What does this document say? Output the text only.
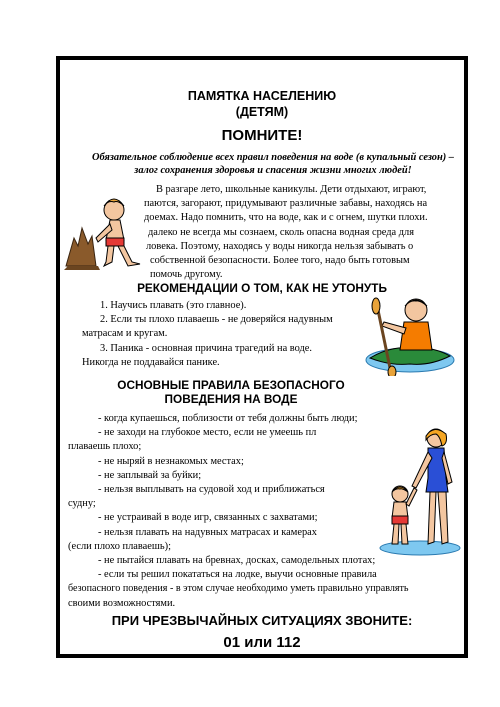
ПАМЯТКА НАСЕЛЕНИЮ
(ДЕТЯМ)
ПОМНИТЕ!
Обязательное соблюдение всех правил поведения на воде (в купальный сезон) – залог сохранения здоровья и спасения жизни многих людей!
В разгаре лето, школьные каникулы. Дети отдыхают, играют,
паются, загорают, придумывают различные забавы, находясь на
доемах. Надо помнить, что на воде, как и с огнем, шутки плохи.
далеко не всегда мы сознаем, сколь опасна водная среда для
ловека. Поэтому, находясь у воды никогда нельзя забывать о
собственной безопасности. Более того, надо быть готовым
помочь другому.
РЕКОМЕНДАЦИИ О ТОМ, КАК НЕ УТОНУТЬ
1. Научись плавать (это главное).
2. Если ты плохо плаваешь - не доверяйся надувным
матрасам и кругам.
3. Паника - основная причина трагедий на воде.
Никогда не поддавайся панике.
ОСНОВНЫЕ ПРАВИЛА БЕЗОПАСНОГО
ПОВЕДЕНИЯ НА ВОДЕ
- когда купаешься, поблизости от тебя должны быть люди;
- не заходи на глубокое место, если не умеешь пл
плаваешь плохо;
- не ныряй в незнакомых местах;
- не заплывай за буйки;
- нельзя выплывать на судовой ход и приближаться
судну;
- не устраивай в воде игр, связанных с захватами;
- нельзя плавать на надувных матрасах и камерах
(если плохо плаваешь);
- не пытайся плавать на бревнах, досках, самодельных плотах;
- если ты решил покататься на лодке, выучи основные правила
безопасного поведения - в этом случае необходимо уметь правильно управлять
своими возможностями.
ПРИ ЧРЕЗВЫЧАЙНЫХ СИТУАЦИЯХ ЗВОНИТЕ:
01 или 112
